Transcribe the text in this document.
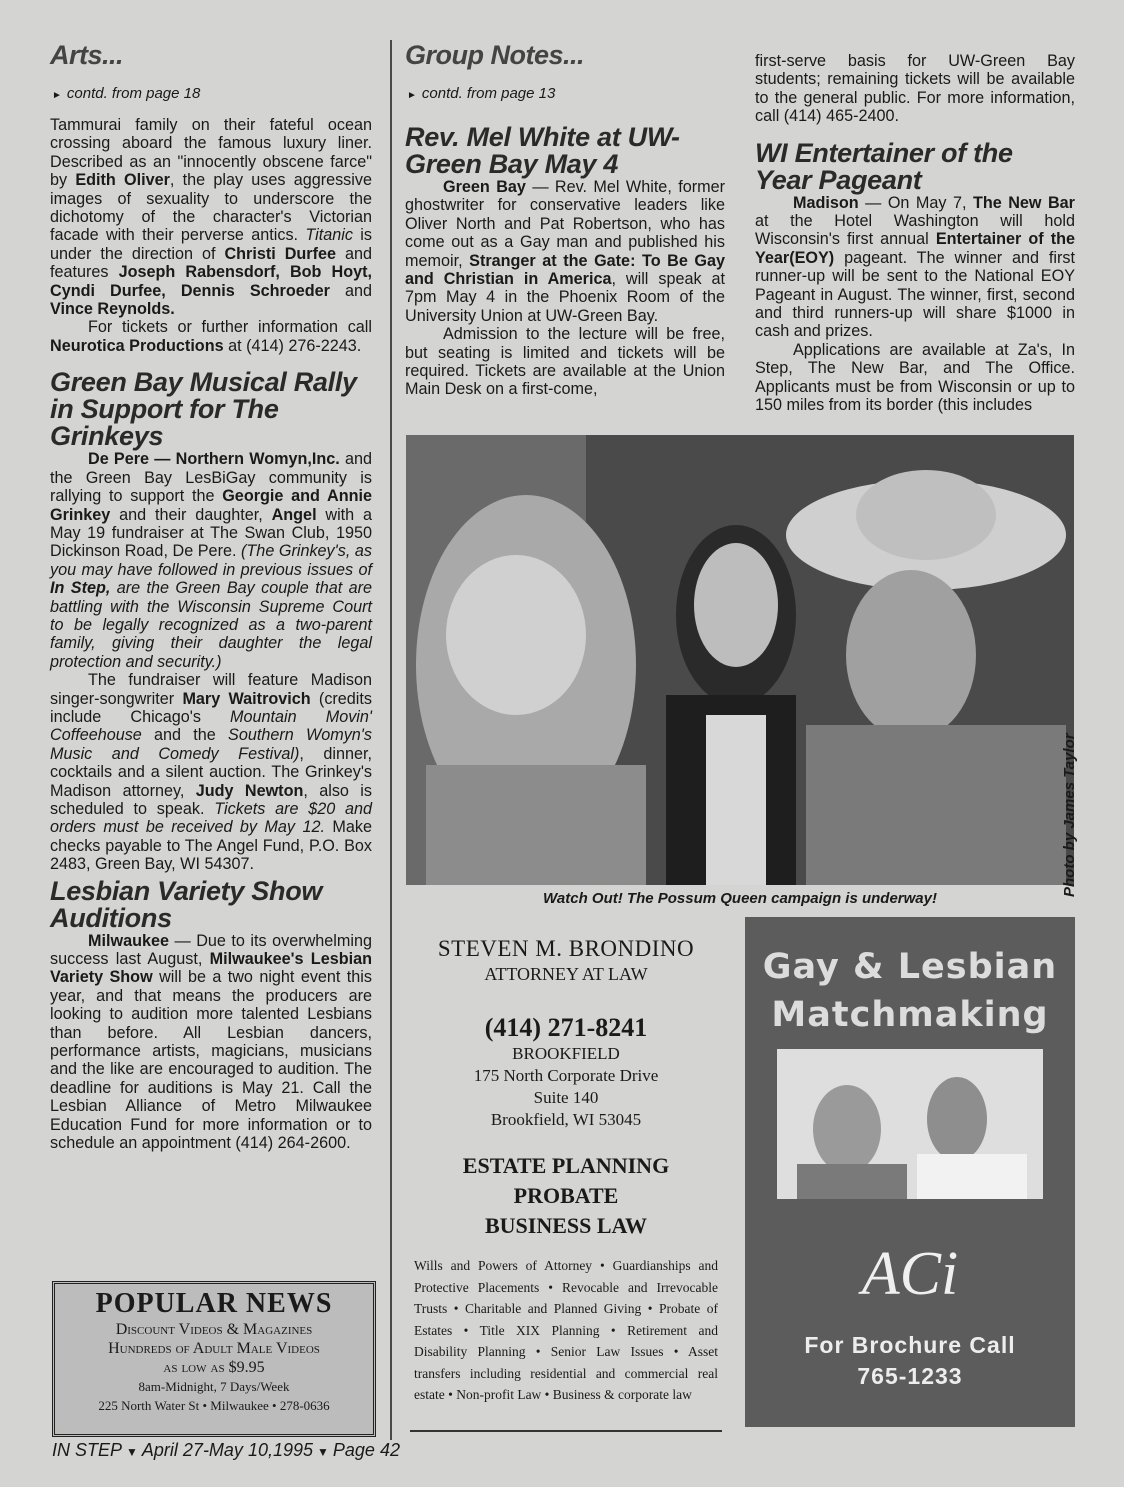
Arts...
► contd. from page 18

Tammurai family on their fateful ocean crossing aboard the famous luxury liner. Described as an "innocently obscene farce" by Edith Oliver, the play uses aggressive images of sexuality to underscore the dichotomy of the character's Victorian facade with their perverse antics. Titanic is under the direction of Christi Durfee and features Joseph Rabensdorf, Bob Hoyt, Cyndi Durfee, Dennis Schroeder and Vince Reynolds.

For tickets or further information call Neurotica Productions at (414) 276-2243.

Green Bay Musical Rally in Support for The Grinkeys

De Pere — Northern Womyn,Inc. and the Green Bay LesBiGay community is rallying to support the Georgie and Annie Grinkey and their daughter, Angel with a May 19 fundraiser at The Swan Club, 1950 Dickinson Road, De Pere. (The Grinkey's, as you may have followed in previous issues of In Step, are the Green Bay couple that are battling with the Wisconsin Supreme Court to be legally recognized as a two-parent family, giving their daughter the legal protection and security.)

The fundraiser will feature Madison singer-songwriter Mary Waitrovich (credits include Chicago's Mountain Movin' Coffeehouse and the Southern Womyn's Music and Comedy Festival), dinner, cocktails and a silent auction. The Grinkey's Madison attorney, Judy Newton, also is scheduled to speak. Tickets are $20 and orders must be received by May 12. Make checks payable to The Angel Fund, P.O. Box 2483, Green Bay, WI 54307.

Lesbian Variety Show Auditions

Milwaukee — Due to its overwhelming success last August, Milwaukee's Lesbian Variety Show will be a two night event this year, and that means the producers are looking to audition more talented Lesbians than before. All Lesbian dancers, performance artists, magicians, musicians and the like are encouraged to audition. The deadline for auditions is May 21. Call the Lesbian Alliance of Metro Milwaukee Education Fund for more information or to schedule an appointment (414) 264-2600.

POPULAR NEWS
Discount Videos & Magazines
Hundreds of Adult Male Videos
as low as $9.95
8am-Midnight, 7 Days/Week
225 North Water St • Milwaukee • 278-0636
Group Notes...
► contd. from page 13
Rev. Mel White at UW-Green Bay May 4

Green Bay — Rev. Mel White, former ghostwriter for conservative leaders like Oliver North and Pat Robertson, who has come out as a Gay man and published his memoir, Stranger at the Gate: To Be Gay and Christian in America, will speak at 7pm May 4 in the Phoenix Room of the University Union at UW-Green Bay.

Admission to the lecture will be free, but seating is limited and tickets will be required. Tickets are available at the Union Main Desk on a first-come,

first-serve basis for UW-Green Bay students; remaining tickets will be available to the general public. For more information, call (414) 465-2400.

WI Entertainer of the Year Pageant

Madison — On May 7, The New Bar at the Hotel Washington will hold Wisconsin's first annual Entertainer of the Year(EOY) pageant. The winner and first runner-up will be sent to the National EOY Pageant in August. The winner, first, second and third runners-up will share $1000 in cash and prizes.

Applications are available at Za's, In Step, The New Bar, and The Office. Applicants must be from Wisconsin or up to 150 miles from its border (this includes

Photo by James Taylor
Watch Out! The Possum Queen campaign is underway!
STEVEN M. BRONDINO
ATTORNEY AT LAW
(414) 271-8241
BROOKFIELD
175 North Corporate Drive
Suite 140
Brookfield, WI 53045
ESTATE PLANNING
PROBATE
BUSINESS LAW
Wills and Powers of Attorney • Guardianships and Protective Placements • Revocable and Irrevocable Trusts • Charitable and Planned Giving • Probate of Estates • Title XIX Planning • Retirement and Disability Planning • Senior Law Issues • Asset transfers including residential and commercial real estate • Non-profit Law • Business & corporate law
Gay & Lesbian
Matchmaking
ACi
For Brochure Call
765-1233
IN STEP ▼ April 27-May 10,1995 ▼ Page 42
